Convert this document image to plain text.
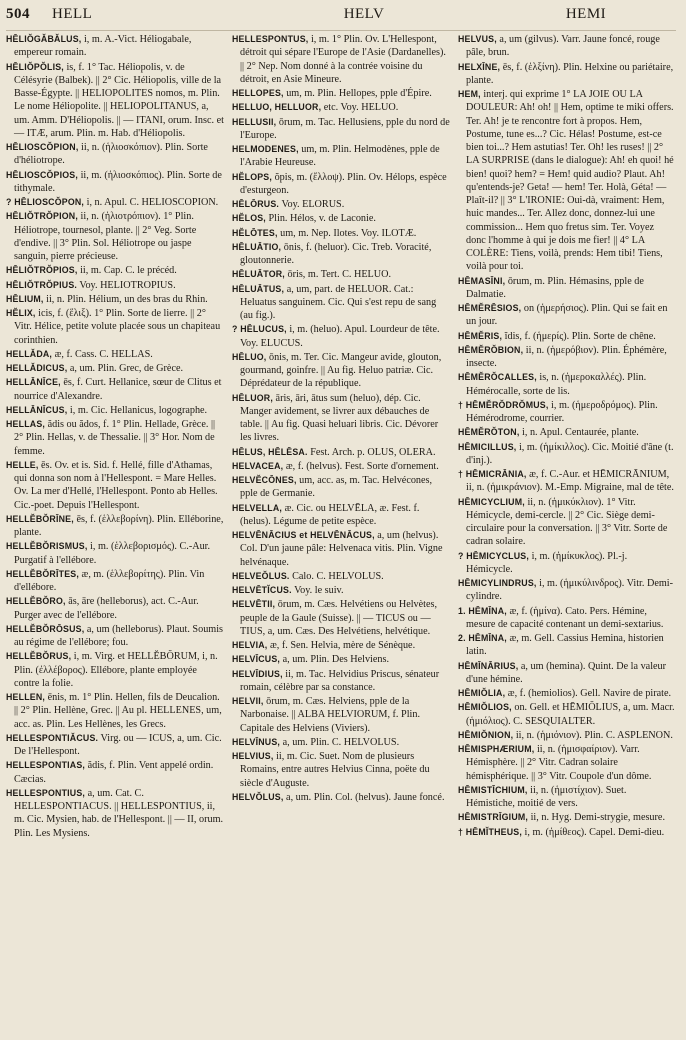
504	HELL	HELV	HEMI

HĒLIŎGĂBĂLUS, i, m. A.-Vict. Héliogabale, empereur romain.

HĒLIŎPŎLIS, is, f. 1° Tac. Héliopolis, v. de Célésyrie (Balbek). || 2° Cic. Héliopolis, ville de la Basse-Égypte. || HELIOPOLITES nomos, m. Plin. Le nome Héliopolite. || HELIOPOLITANUS, a, um. Amm. D'Héliopolis. || — ITANI, orum. Insc. et — ITÆ, arum. Plin. m. Hab. d'Héliopolis.

HĒLIOSCŎPION, ii, n. (ἡλιοσκόπιον). Plin. Sorte d'héliotrope.

HĒLIOSCŎPIOS, ii, m. (ἡλιοσκόπιος). Plin. Sorte de tithymale.

? HĒLIOSCŎPON, i, n. Apul. C. HELIOSCOPION.

HĒLIŎTRŎPION, ii, n. (ἡλιοτρόπιον). 1° Plin. Héliotrope, tournesol, plante. || 2° Veg. Sorte d'endive. || 3° Plin. Sol. Héliotrope ou jaspe sanguin, pierre précieuse.

HĒLIŎTRŎPIOS, ii, m. Cap. C. le précéd.

HĒLIŎTRŎPIUS. Voy. HELIOTROPIUS.

HĒLIUM, ii, n. Plin. Hélium, un des bras du Rhin.

HĔLIX, icis, f. (ἕλιξ). 1° Plin. Sorte de lierre. || 2° Vitr. Hélice, petite volute placée sous un chapiteau corinthien.

HELLĂDA, æ, f. Cass. C. HELLAS.

HELLĂDICUS, a, um. Plin. Grec, de Grèce.

HELLĀNĪCE, ēs, f. Curt. Hellanice, sœur de Clitus et nourrice d'Alexandre.

HELLĀNĪCUS, i, m. Cic. Hellanicus, logographe.

HELLAS, ădis ou ădos, f. 1° Plin. Hellade, Grèce. || 2° Plin. Hellas, v. de Thessalie. || 3° Hor. Nom de femme.

HELLE, ēs. Ov. et is. Sid. f. Hellé, fille d'Athamas, qui donna son nom à l'Hellespont. = Mare Helles. Ov. La mer d'Hellé, l'Hellespont. Ponto ab Helles. Cic.-poet. Depuis l'Hellespont.

HELLĔBŎRĪNE, ēs, f. (ἑλλεβορίνη). Plin. Elléborine, plante.

HELLĔBŎRISMUS, i, m. (ἑλλεβορισμός). C.-Aur. Purgatif à l'ellébore.

HELLĔBŎRĪTES, æ, m. (ἑλλεβορίτης). Plin. Vin d'ellébore.

HELLĔBŎRO, ās, āre (helleborus), act. C.-Aur. Purger avec de l'ellébore.

HELLĔBŎRŌSUS, a, um (helleborus). Plaut. Soumis au régime de l'ellébore; fou.

HELLĔBŎRUS, i, m. Virg. et HELLĔBŎRUM, i, n. Plin. (ἐλλέβορος). Ellébore, plante employée contre la folie.

HELLEN, ēnis, m. 1° Plin. Hellen, fils de Deucalion. || 2° Plin. Hellène, Grec. || Au pl. HELLENES, um, acc. as. Plin. Les Hellènes, les Grecs.

HELLESPONTIĂCUS. Virg. ou — ICUS, a, um. Cic. De l'Hellespont.

HELLESPONTIAS, ădis, f. Plin. Vent appelé ordin. Cæcias.

HELLESPONTIUS, a, um. Cat. C. HELLESPONTIACUS. || HELLESPONTIUS, ii, m. Cic. Mysien, hab. de l'Hellespont. || — II, orum. Plin. Les Mysiens.

HELLESPONTUS, i, m. 1° Plin. Ov. L'Hellespont, détroit qui sépare l'Europe de l'Asie (Dardanelles). || 2° Nep. Nom donné à la contrée voisine du détroit, en Asie Mineure.

HELLOPES, um, m. Plin. Hellopes, pple d'Épire.

HELLUO, HELLUOR, etc. Voy. HELUO.

HELLUSII, ōrum, m. Tac. Hellusiens, pple du nord de l'Europe.

HELMODENES, um, m. Plin. Helmodènes, pple de l'Arabie Heureuse.

HĔLOPS, ŏpis, m. (ἔλλοψ). Plin. Ov. Hélops, espèce d'esturgeon.

HĒLŌRUS. Voy. ELORUS.

HĔLOS, Plin. Hélos, v. de Laconie.

HĔLŌTES, um, m. Nep. Ilotes. Voy. ILOTÆ.

HĒLUĀTIO, ōnis, f. (heluor). Cic. Treb. Voracité, gloutonnerie.

HĒLUĀTOR, ōris, m. Tert. C. HELUO.

HĒLUĀTUS, a, um, part. de HELUOR. Cat.: Heluatus sanguinem. Cic. Qui s'est repu de sang (au fig.).

? HĒLUCUS, i, m. (heluo). Apul. Lourdeur de tête. Voy. ELUCUS.

HĒLUO, ōnis, m. Ter. Cic. Mangeur avide, glouton, gourmand, goinfre. || Au fig. Heluo patriæ. Cic. Déprédateur de la république.

HĒLUOR, āris, āri, ātus sum (heluo), dép. Cic. Manger avidement, se livrer aux débauches de table. || Au fig. Quasi heluari libris. Cic. Dévorer les livres.

HĒLUS, HĒLĒSA. Fest. Arch. p. OLUS, OLERA.

HELVACEA, æ, f. (helvus). Fest. Sorte d'ornement.

HELVĔCŌNES, um, acc. as, m. Tac. Helvécones, pple de Germanie.

HELVELLA, æ. Cic. ou HELVĒLA, æ. Fest. f. (helus). Légume de petite espèce.

HELVĒNĀCIUS et HELVĒNĀCUS, a, um (helvus). Col. D'un jaune pâle: Helvenaca vitis. Plin. Vigne helvénaque.

HELVEŎLUS. Calo. C. HELVOLUS.

HELVĒTĬCUS. Voy. le suiv.

HELVĒTII, ōrum, m. Cæs. Helvétiens ou Helvètes, peuple de la Gaule (Suisse). || — TICUS ou — TIUS, a, um. Cæs. Des Helvétiens, helvétique.

HELVIA, æ, f. Sen. Helvia, mère de Sénèque.

HELVĪCUS, a, um. Plin. Des Helviens.

HELVĪDIUS, ii, m. Tac. Helvidius Priscus, sénateur romain, célèbre par sa constance.

HELVII, ōrum, m. Cæs. Helviens, pple de la Narbonaise. || ALBA HELVIORUM, f. Plin. Capitale des Helviens (Viviers).

HELVĪNUS, a, um. Plin. C. HELVOLUS.

HELVIUS, ii, m. Cic. Suet. Nom de plusieurs Romains, entre autres Helvius Cinna, poëte du siècle d'Auguste.

HELVŎLUS, a, um. Plin. Col. (helvus). Jaune foncé.

HELVUS, a, um (gilvus). Varr. Jaune foncé, rouge pâle, brun.

HELXĪNE, ēs, f. (ἑλξίνη). Plin. Helxine ou pariétaire, plante.

HEM, interj. qui exprime 1° LA JOIE OU LA DOULEUR: Ah! oh! || Hem, optime te miki offers. Ter. Ah! je te rencontre fort à propos. Hem, Postume, tune es...? Cic. Hélas! Postume, est-ce bien toi...? Hem astutias! Ter. Oh! les ruses! || 2° LA SURPRISE (dans le dialogue): Ah! eh quoi! hé bien! quoi? hem? = Hem! quid audio? Plaut. Ah! qu'entends-je? Geta! — hem! Ter. Holà, Géta! — Plaît-il? || 3° L'IRONIE: Oui-dà, vraiment: Hem, huic mandes... Ter. Allez donc, donnez-lui une commission... Hem quo fretus sim. Ter. Voyez donc l'homme à qui je dois me fier! || 4° LA COLÈRE: Tiens, voilà, prends: Hem tibi! Tiens, voilà pour toi.

HĒMASĪNI, ōrum, m. Plin. Hémasins, pple de Dalmatie.

HĒMĔRĒSIOS, on (ἡμερήσιος). Plin. Qui se fait en un jour.

HĒMĔRIS, ĭdis, f. (ἡμερίς). Plin. Sorte de chêne.

HĒMĔRŎBION, ii, n. (ἡμερόβιον). Plin. Éphémère, insecte.

HĒMĔRŎCALLES, is, n. (ἡμεροκαλλές). Plin. Hémérocalle, sorte de lis.

† HĒMĔRŎDRŎMUS, i, m. (ἡμεροδρόμος). Plin. Hémérodrome, courrier.

HĒMĔRŎTON, i, n. Apul. Centaurée, plante.

HĒMICILLUS, i, m. (ἡμίκιλλος). Cic. Moitié d'âne (t. d'inj.).

† HĒMICRĀNIA, æ, f. C.-Aur. et HĒMICRĀNIUM, ii, n. (ἡμικράνιον). M.-Emp. Migraine, mal de tête.

HĒMICYCLIUM, ii, n. (ἡμικύκλιον). 1° Vitr. Hémicycle, demi-cercle. || 2° Cic. Siège demi-circulaire pour la conversation. || 3° Vitr. Sorte de cadran solaire.

? HĒMICYCLUS, i, m. (ἡμίκυκλος). Pl.-j. Hémicycle.

HĒMICYLINDRUS, i, m. (ἡμικύλινδρος). Vitr. Demi-cylindre.

1. HĒMĪNA, æ, f. (ἡμίνα). Cato. Pers. Hémine, mesure de capacité contenant un demi-sextarius.

2. HĒMĪNA, æ, m. Gell. Cassius Hemina, historien latin.

HĒMĪNĀRIUS, a, um (hemina). Quint. De la valeur d'une hémine.

HĒMIŎLIA, æ, f. (hemiolios). Gell. Navire de pirate.

HĒMIŎLIOS, on. Gell. et HĒMIŎLIUS, a, um. Macr. (ἡμιόλιος). C. SESQUIALTER.

HĒMIŎNION, ii, n. (ἡμιόνιον). Plin. C. ASPLENON.

HĒMISPHÆRIUM, ii, n. (ἡμισφαίριον). Varr. Hémisphère. || 2° Vitr. Cadran solaire hémisphérique. || 3° Vitr. Coupole d'un dôme.

HĒMISTĪCHIUM, ii, n. (ἡμιστίχιον). Suet. Hémistiche, moitié de vers.

HĒMISTRĪGIUM, ii, n. Hyg. Demi-strygie, mesure.

† HĒMĬTHEUS, i, m. (ἡμίθεος). Capel. Demi-dieu.
